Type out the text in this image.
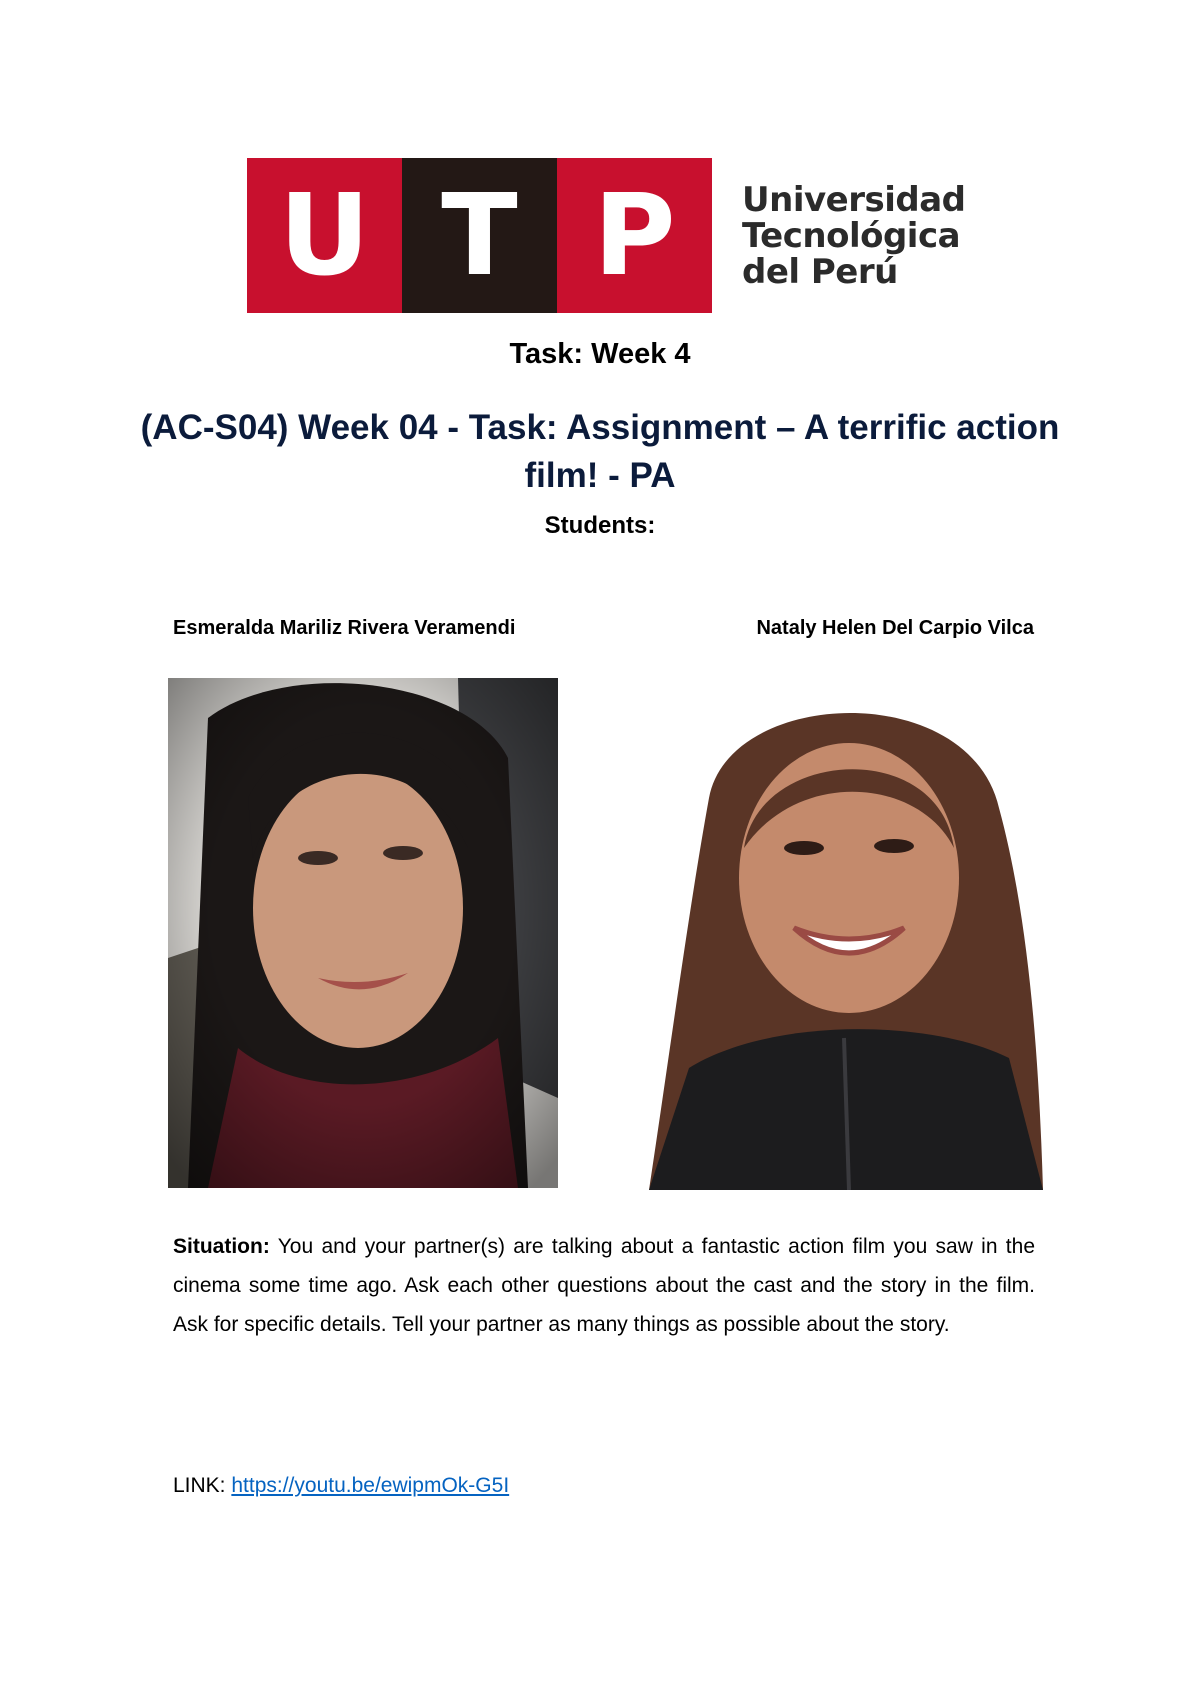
U T P	Universidad
Tecnológica
del Perú
Task: Week 4
(AC-S04) Week 04 - Task: Assignment – A terrific action film! - PA
Students:
Esmeralda Mariliz Rivera Veramendi	Nataly Helen Del Carpio Vilca
Situation: You and your partner(s) are talking about a fantastic action film you saw in the cinema some time ago. Ask each other questions about the cast and the story in the film. Ask for specific details. Tell your partner as many things as possible about the story.
LINK: https://youtu.be/ewipmOk-G5I
